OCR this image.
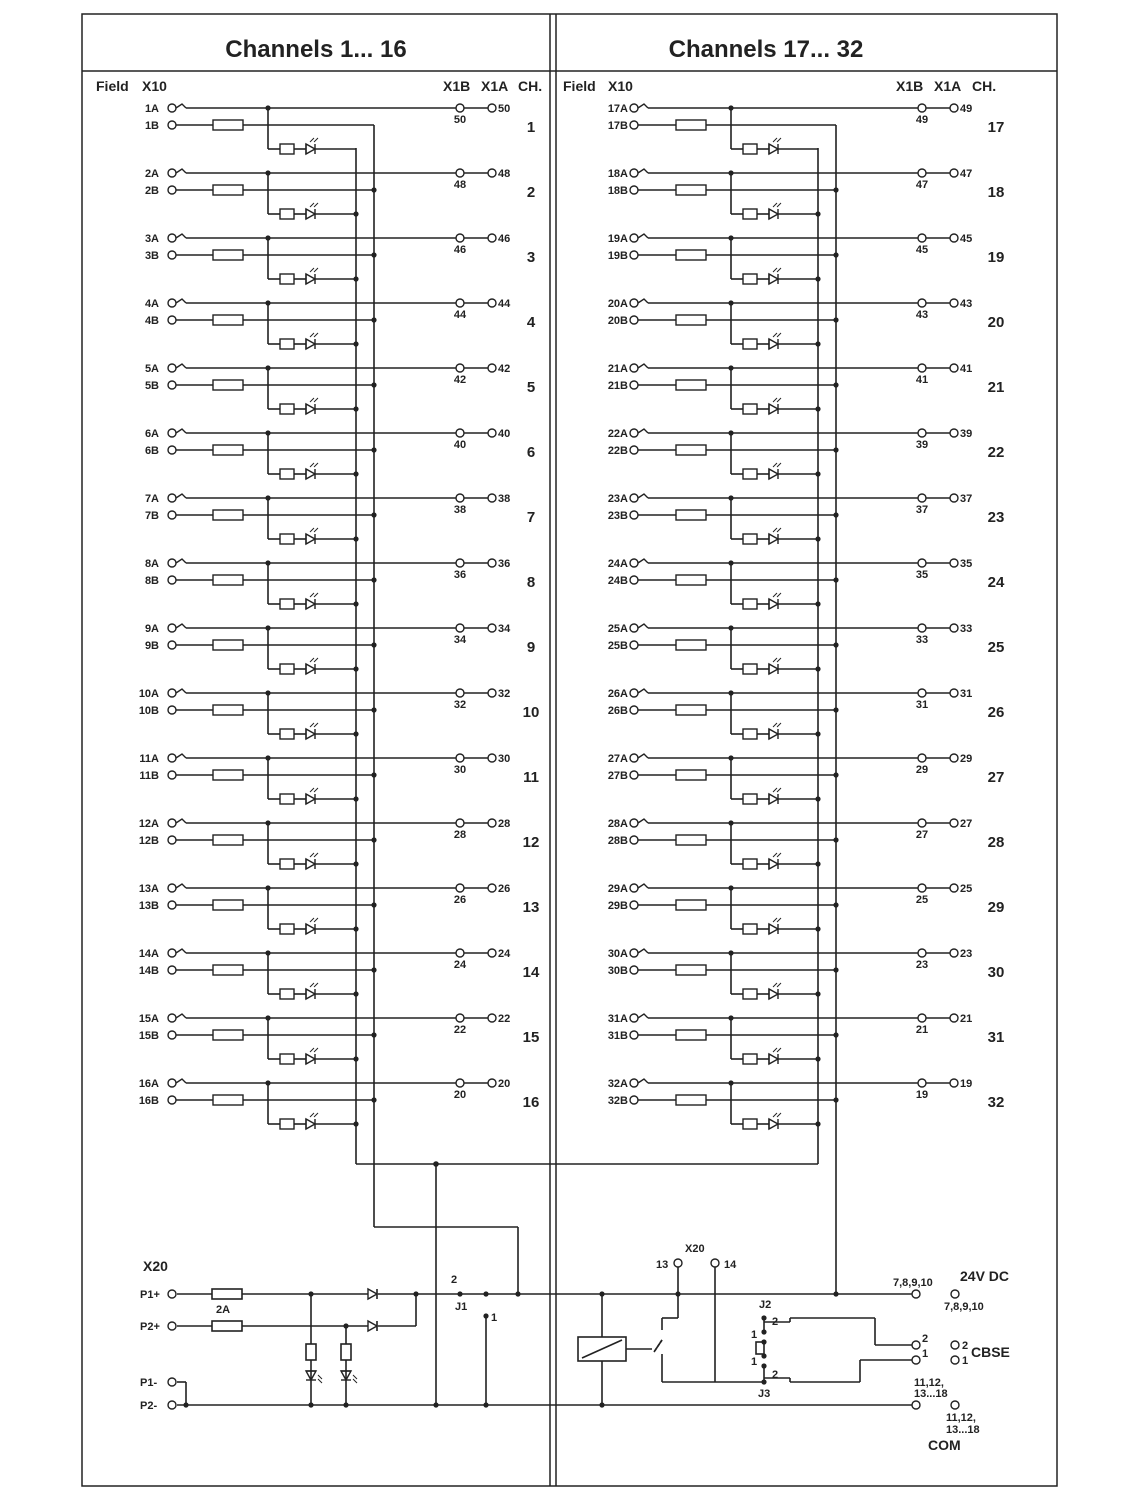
Channels 1... 16	Channels 17... 32
Field X10	X1B X1A CH. Field X10	X1B X1A CH.
1A
1B
50
50	1
2A
2B
48
48	2
3A
3B
46
46	3
4A
4B
44
44	4
5A
5B
42
42	5
6A
6B
40
40	6
7A
7B
38
38	7
8A
8B
36
36	8
9A
9B
34
34	9
10A
10B
32
32	10
11A
11B
30
30	11
12A
12B
28
28	12
13A
13B
26
26	13
14A
14B
24
24	14
15A
15B
22
22	15
16A
16B
20
20	16
17A
17B
49
49	17
18A
18B
47
47	18
19A
19B
45
45	19
20A
20B
43
43	20
21A
21B
41
41	21
22A
22B
39
39	22
23A
23B
37
37	23
24A
24B
35
35	24
25A
25B
33
33	25
26A
26B
31
31	26
27A
27B
29
29	27
28A
28B
27
27	28
29A
29B
25
25	29
30A
30B
23
23	30
31A
31B
21
21	31
32A
32B
19
19	32
X20
P1+
P2+
P1-
P2-
2A
2
J1
1
X20
13	14
J2
2
1
1
2
J3
7,8,9,10 24V DC
7,8,9,10
2
1
2
1
CBSE
11,12,
13...18
11,12,
13...18
COM
